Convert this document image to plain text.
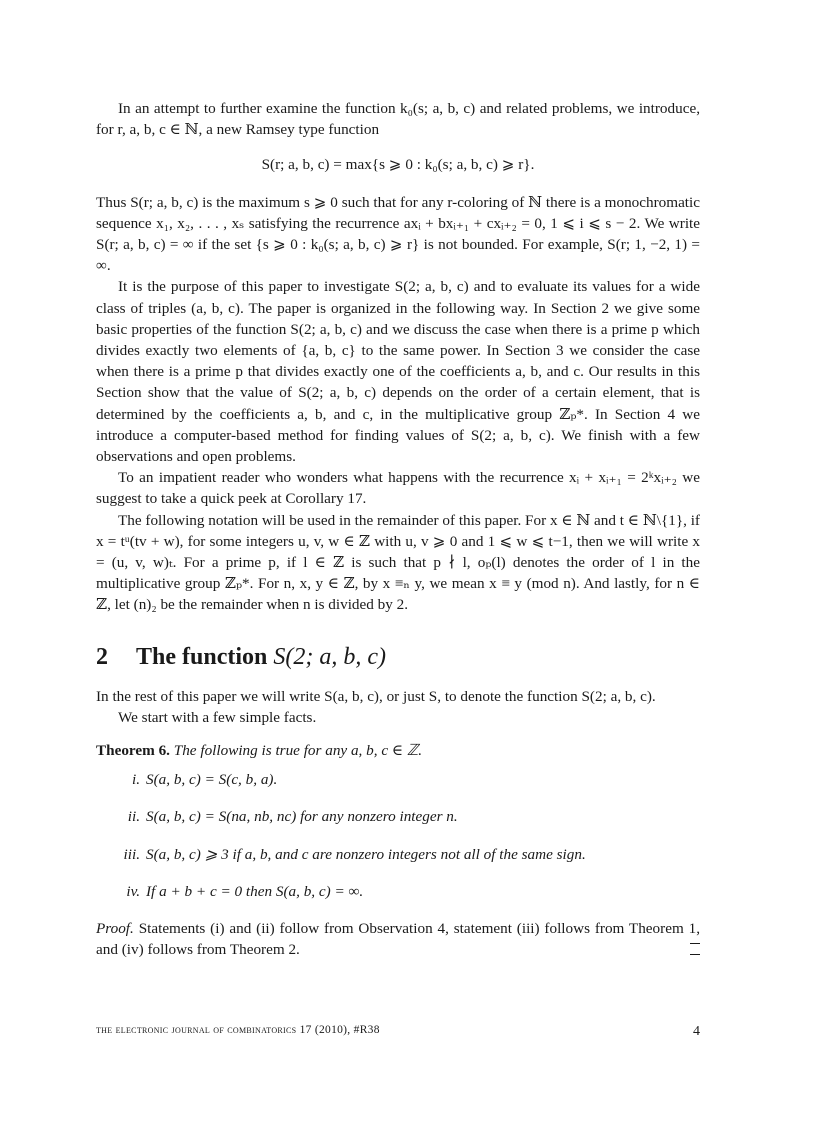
In an attempt to further examine the function k₀(s; a, b, c) and related problems, we introduce, for r, a, b, c ∈ ℕ, a new Ramsey type function

S(r; a, b, c) = max{s ⩾ 0 : k₀(s; a, b, c) ⩾ r}.

Thus S(r; a, b, c) is the maximum s ⩾ 0 such that for any r-coloring of ℕ there is a monochromatic sequence x₁, x₂, . . . , xₛ satisfying the recurrence axᵢ + bxᵢ₊₁ + cxᵢ₊₂ = 0, 1 ⩽ i ⩽ s − 2. We write S(r; a, b, c) = ∞ if the set {s ⩾ 0 : k₀(s; a, b, c) ⩾ r} is not bounded. For example, S(r; 1, −2, 1) = ∞.

It is the purpose of this paper to investigate S(2; a, b, c) and to evaluate its values for a wide class of triples (a, b, c). The paper is organized in the following way. In Section 2 we give some basic properties of the function S(2; a, b, c) and we discuss the case when there is a prime p which divides exactly two elements of {a, b, c} to the same power. In Section 3 we consider the case when there is a prime p that divides exactly one of the coefficients a, b, and c. Our results in this Section show that the value of S(2; a, b, c) depends on the order of a certain element, that is determined by the coefficients a, b, and c, in the multiplicative group ℤₚ*. In Section 4 we introduce a computer-based method for finding values of S(2; a, b, c). We finish with a few observations and open problems.

To an impatient reader who wonders what happens with the recurrence xᵢ + xᵢ₊₁ = 2ᵏxᵢ₊₂ we suggest to take a quick peek at Corollary 17.

The following notation will be used in the remainder of this paper. For x ∈ ℕ and t ∈ ℕ\{1}, if x = tᵘ(tv + w), for some integers u, v, w ∈ ℤ with u, v ⩾ 0 and 1 ⩽ w ⩽ t−1, then we will write x = (u, v, w)ₜ. For a prime p, if l ∈ ℤ is such that p ∤ l, oₚ(l) denotes the order of l in the multiplicative group ℤₚ*. For n, x, y ∈ ℤ, by x ≡ₙ y, we mean x ≡ y (mod n). And lastly, for n ∈ ℤ, let (n)₂ be the remainder when n is divided by 2.

2 The function S(2; a, b, c)

In the rest of this paper we will write S(a, b, c), or just S, to denote the function S(2; a, b, c).

We start with a few simple facts.

Theorem 6. The following is true for any a, b, c ∈ ℤ.

i. S(a, b, c) = S(c, b, a).
ii. S(a, b, c) = S(na, nb, nc) for any nonzero integer n.
iii. S(a, b, c) ⩾ 3 if a, b, and c are nonzero integers not all of the same sign.
iv. If a + b + c = 0 then S(a, b, c) = ∞.

Proof. Statements (i) and (ii) follow from Observation 4, statement (iii) follows from Theorem 1, and (iv) follows from Theorem 2.

the electronic journal of combinatorics 17 (2010), #R38	4
